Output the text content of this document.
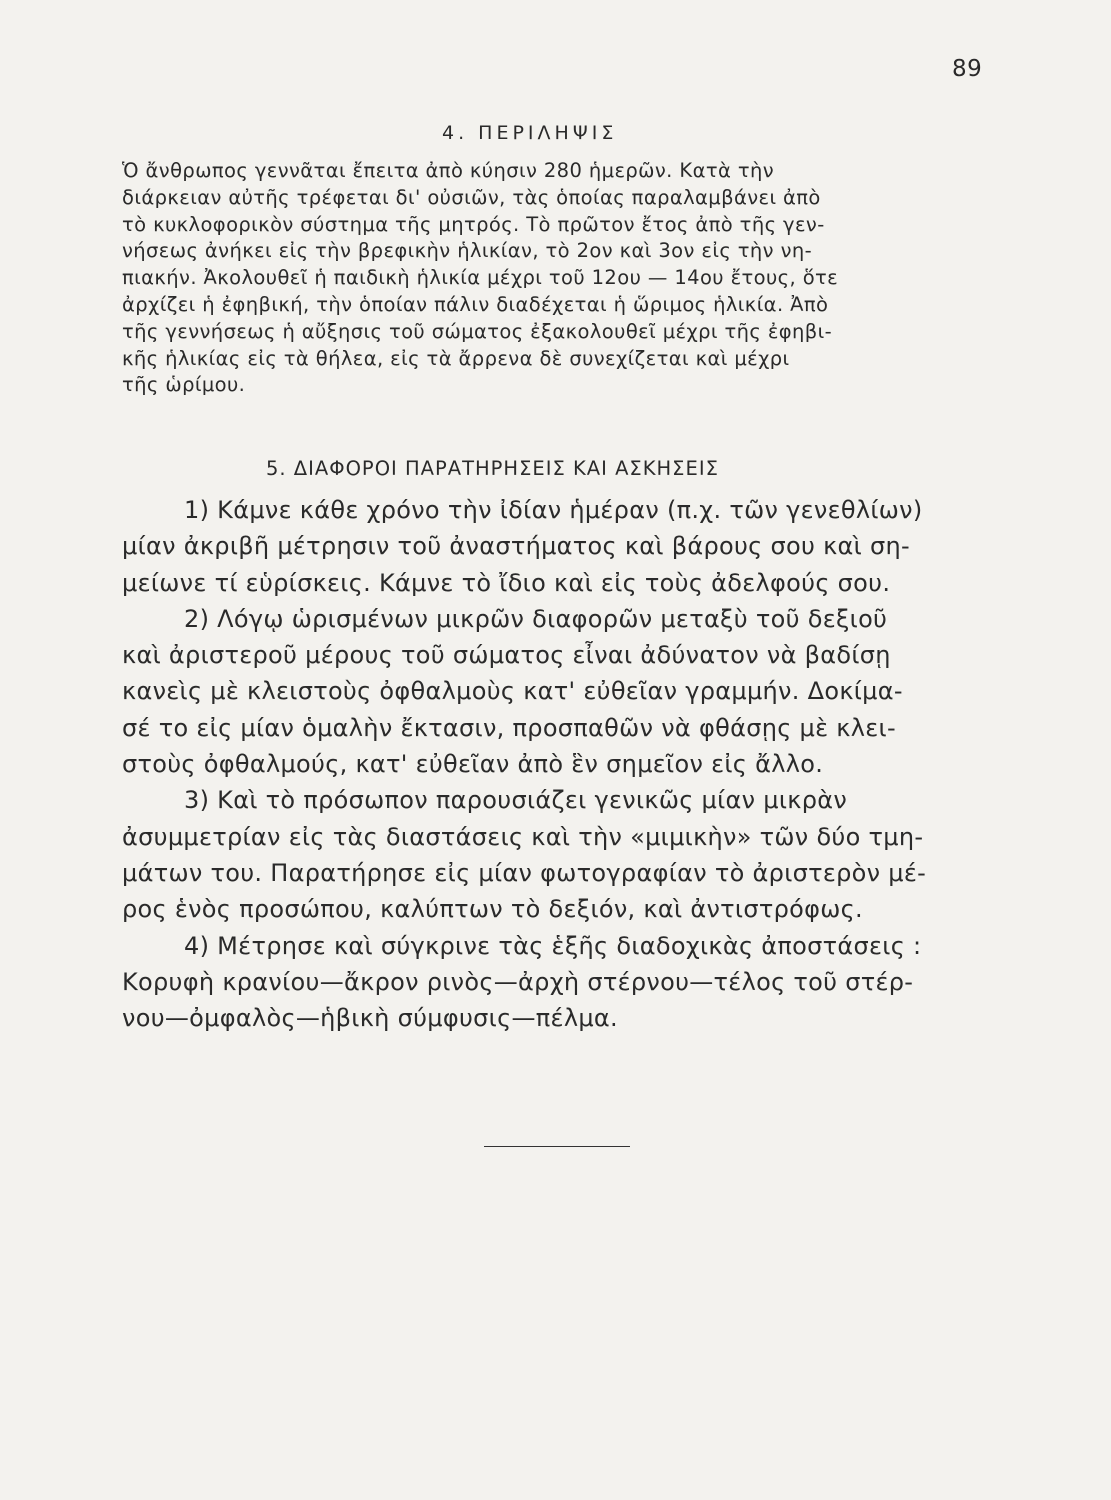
89
4. ΠΕΡΙΛΗΨΙΣ
Ὁ ἄνθρωπος γεννᾶται ἔπειτα ἀπὸ κύησιν 280 ἡμερῶν. Κατὰ τὴν
διάρκειαν αὐτῆς τρέφεται δι' οὐσιῶν, τὰς ὁποίας παραλαμβάνει ἀπὸ
τὸ κυκλοφορικὸν σύστημα τῆς μητρός. Τὸ πρῶτον ἔτος ἀπὸ τῆς γεν-
νήσεως ἀνήκει εἰς τὴν βρεφικὴν ἡλικίαν, τὸ 2ον καὶ 3ον εἰς τὴν νη-
πιακήν. Ἀκολουθεῖ ἡ παιδικὴ ἡλικία μέχρι τοῦ 12ου — 14ου ἔτους, ὅτε
ἀρχίζει ἡ ἐφηβική, τὴν ὁποίαν πάλιν διαδέχεται ἡ ὥριμος ἡλικία. Ἀπὸ
τῆς γεννήσεως ἡ αὔξησις τοῦ σώματος ἐξακολουθεῖ μέχρι τῆς ἐφηβι-
κῆς ἡλικίας εἰς τὰ θήλεα, εἰς τὰ ἄρρενα δὲ συνεχίζεται καὶ μέχρι
τῆς ὡρίμου.
5. ΔΙΑΦΟΡΟΙ ΠΑΡΑΤΗΡΗΣΕΙΣ ΚΑΙ ΑΣΚΗΣΕΙΣ
1) Κάμνε κάθε χρόνο τὴν ἰδίαν ἡμέραν (π.χ. τῶν γενεθλίων)
μίαν ἀκριβῆ μέτρησιν τοῦ ἀναστήματος καὶ βάρους σου καὶ ση-
μείωνε τί εὑρίσκεις. Κάμνε τὸ ἴδιο καὶ εἰς τοὺς ἀδελφούς σου.
2) Λόγῳ ὡρισμένων μικρῶν διαφορῶν μεταξὺ τοῦ δεξιοῦ
καὶ ἀριστεροῦ μέρους τοῦ σώματος εἶναι ἀδύνατον νὰ βαδίσῃ
κανεὶς μὲ κλειστοὺς ὀφθαλμοὺς κατ' εὐθεῖαν γραμμήν. Δοκίμα-
σέ το εἰς μίαν ὁμαλὴν ἔκτασιν, προσπαθῶν νὰ φθάσῃς μὲ κλει-
στοὺς ὀφθαλμούς, κατ' εὐθεῖαν ἀπὸ ἓν σημεῖον εἰς ἄλλο.
3) Καὶ τὸ πρόσωπον παρουσιάζει γενικῶς μίαν μικρὰν
ἀσυμμετρίαν εἰς τὰς διαστάσεις καὶ τὴν «μιμικὴν» τῶν δύο τμη-
μάτων του. Παρατήρησε εἰς μίαν φωτογραφίαν τὸ ἀριστερὸν μέ-
ρος ἑνὸς προσώπου, καλύπτων τὸ δεξιόν, καὶ ἀντιστρόφως.
4) Μέτρησε καὶ σύγκρινε τὰς ἑξῆς διαδοχικὰς ἀποστάσεις :
Κορυφὴ κρανίου—ἄκρον ρινὸς—ἀρχὴ στέρνου—τέλος τοῦ στέρ-
νου—ὀμφαλὸς—ἡβικὴ σύμφυσις—πέλμα.
